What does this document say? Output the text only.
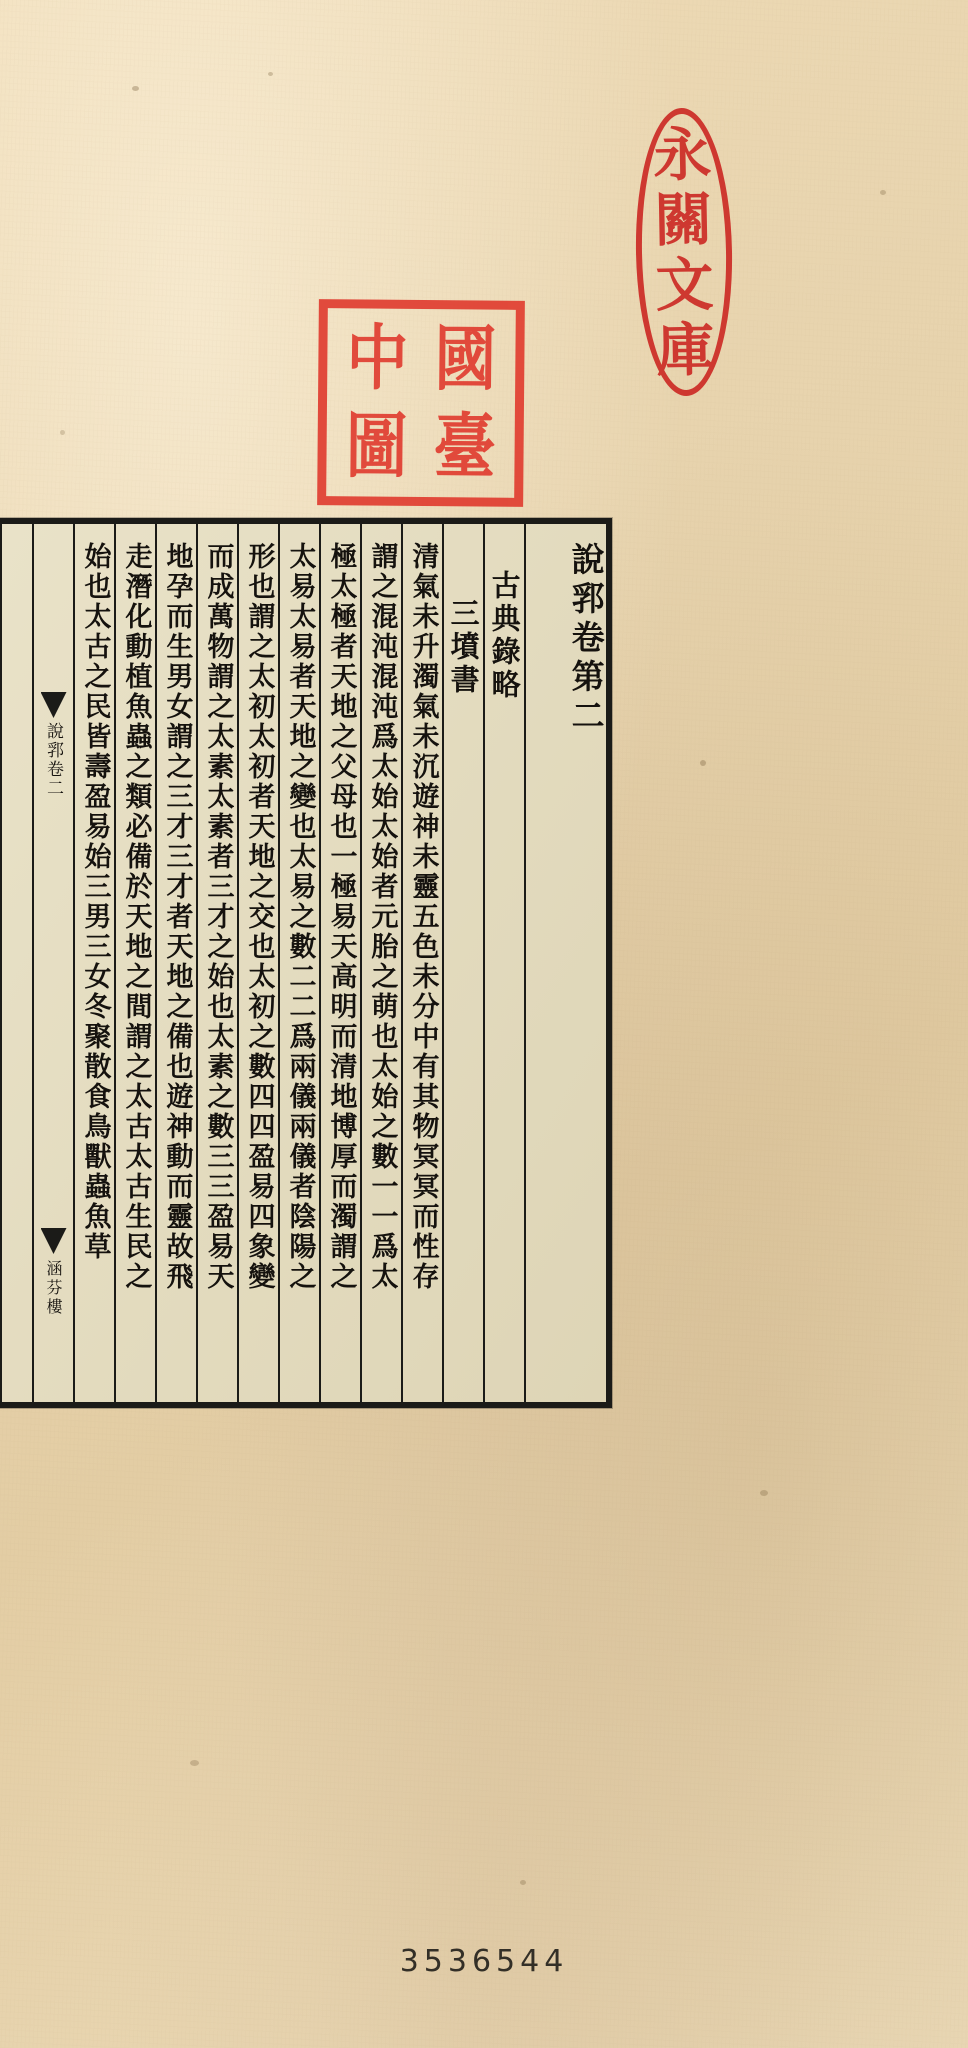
永
關
文
庫
中 國
圖 臺
說郛卷第二
古典錄略
三墳書
清氣未升濁氣未沉遊神未靈五色未分中有其物冥冥而性存
謂之混沌混沌爲太始太始者元胎之萌也太始之數一一爲太
極太極者天地之父母也一極易天高明而清地博厚而濁謂之
太易太易者天地之變也太易之數二二爲兩儀兩儀者陰陽之
形也謂之太初太初者天地之交也太初之數四四盈易四象變
而成萬物謂之太素太素者三才之始也太素之數三三盈易天
地孕而生男女謂之三才三才者天地之備也遊神動而靈故飛
走潛化動植魚蟲之類必備於天地之間謂之太古太古生民之
始也太古之民皆壽盈易始三男三女冬聚散食鳥獸蟲魚草
說郛卷二
涵芬樓
3536544
